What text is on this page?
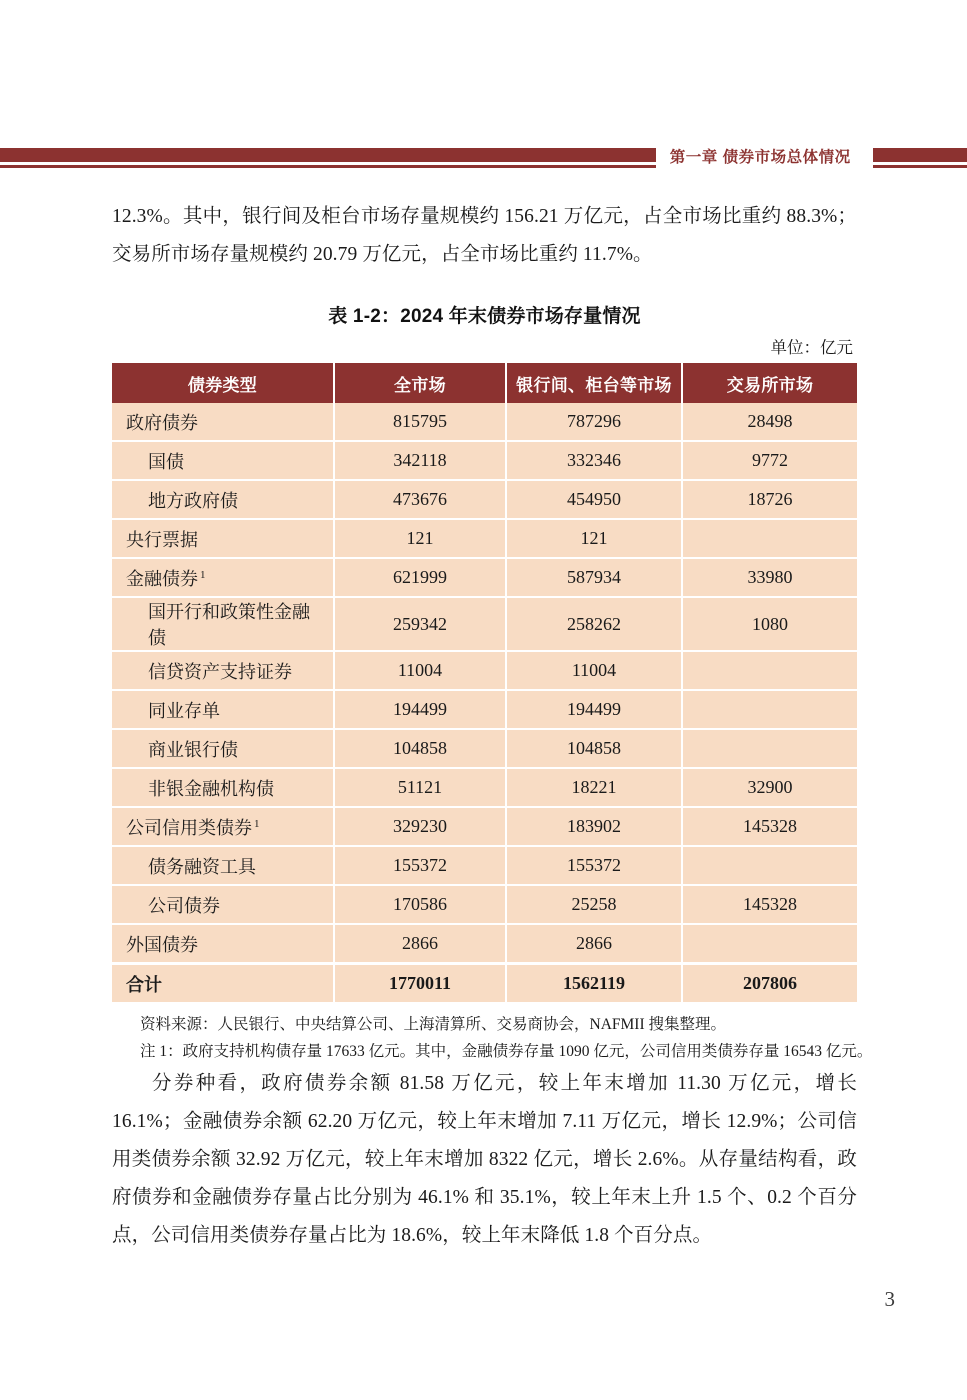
第一章 债券市场总体情况

12.3%。其中，银行间及柜台市场存量规模约 156.21 万亿元，占全市场比重约 88.3%；交易所市场存量规模约 20.79 万亿元，占全市场比重约 11.7%。

表 1-2：2024 年末债券市场存量情况
单位：亿元
债券类型	全市场	银行间、柜台等市场	交易所市场
政府债券	815795	787296	28498
国债	342118	332346	9772
地方政府债	473676	454950	18726
央行票据	121	121	
金融债券 $^1$	621999	587934	33980
国开行和政策性金融债	259342	258262	1080
信贷资产支持证券	11004	11004	
同业存单	194499	194499	
商业银行债	104858	104858	
非银金融机构债	51121	18221	32900
公司信用类债券 $^1$	329230	183902	145328
债务融资工具	155372	155372	
公司债券	170586	25258	145328
外国债券	2866	2866	
合计	1770011	1562119	207806
资料来源：人民银行、中央结算公司、上海清算所、交易商协会，NAFMII 搜集整理。
注 1：政府支持机构债存量 17633 亿元。其中，金融债券存量 1090 亿元，公司信用类债券存量 16543 亿元。

分券种看，政府债券余额 81.58 万亿元，较上年末增加 11.30 万亿元，增长 16.1%；金融债券余额 62.20 万亿元，较上年末增加 7.11 万亿元，增长 12.9%；公司信用类债券余额 32.92 万亿元，较上年末增加 8322 亿元，增长 2.6%。从存量结构看，政府债券和金融债券存量占比分别为 46.1% 和 35.1%，较上年末上升 1.5 个、0.2 个百分点，公司信用类债券存量占比为 18.6%，较上年末降低 1.8 个百分点。

3
